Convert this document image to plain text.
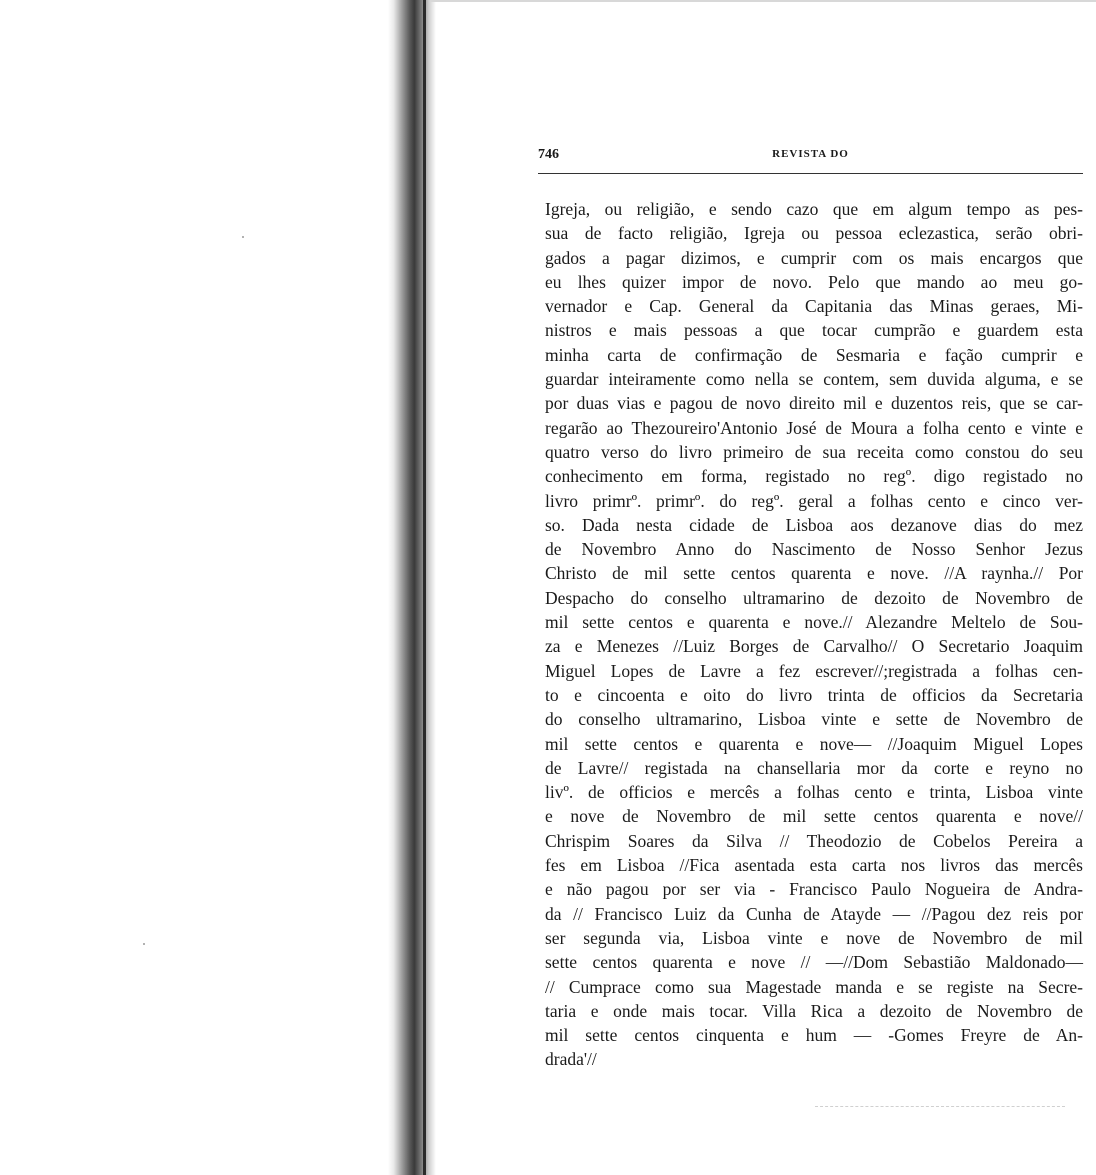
746	REVISTA DO
Igreja, ou religião, e sendo cazo que em algum tempo as pes-
sua de facto religião, Igreja ou pessoa eclezastica, serão obri-
gados a pagar dizimos, e cumprir com os mais encargos que
eu lhes quizer impor de novo. Pelo que mando ao meu go-
vernador e Cap. General da Capitania das Minas geraes, Mi-
nistros e mais pessoas a que tocar cumprão e guardem esta
minha carta de confirmação de Sesmaria e fação cumprir e
guardar inteiramente como nella se contem, sem duvida alguma, e se
por duas vias e pagou de novo direito mil e duzentos reis, que se car-
regarão ao Thezoureiro'Antonio José de Moura a folha cento e vinte e
quatro verso do livro primeiro de sua receita como constou do seu
conhecimento em forma, registado no regº. digo registado no
livro primrº. primrº. do regº. geral a folhas cento e cinco ver-
so. Dada nesta cidade de Lisboa aos dezanove dias do mez
de Novembro Anno do Nascimento de Nosso Senhor Jezus
Christo de mil sette centos quarenta e nove. //A raynha.// Por
Despacho do conselho ultramarino de dezoito de Novembro de
mil sette centos e quarenta e nove.// Alezandre Meltelo de Sou-
za e Menezes //Luiz Borges de Carvalho// O Secretario Joaquim
Miguel Lopes de Lavre a fez escrever//;registrada a folhas cen-
to e cincoenta e oito do livro trinta de officios da Secretaria
do conselho ultramarino, Lisboa vinte e sette de Novembro de
mil sette centos e quarenta e nove— //Joaquim Miguel Lopes
de Lavre// registada na chansellaria mor da corte e reyno no
livº. de officios e mercês a folhas cento e trinta, Lisboa vinte
e nove de Novembro de mil sette centos quarenta e nove//
Chrispim Soares da Silva // Theodozio de Cobelos Pereira a
fes em Lisboa //Fica asentada esta carta nos livros das mercês
e não pagou por ser via - Francisco Paulo Nogueira de Andra-
da // Francisco Luiz da Cunha de Atayde — //Pagou dez reis por
ser segunda via, Lisboa vinte e nove de Novembro de mil
sette centos quarenta e nove // —//Dom Sebastião Maldonado—
// Cumprace como sua Magestade manda e se registe na Secre-
taria e onde mais tocar. Villa Rica a dezoito de Novembro de
mil sette centos cinquenta e hum — -Gomes Freyre de An-
drada'//
